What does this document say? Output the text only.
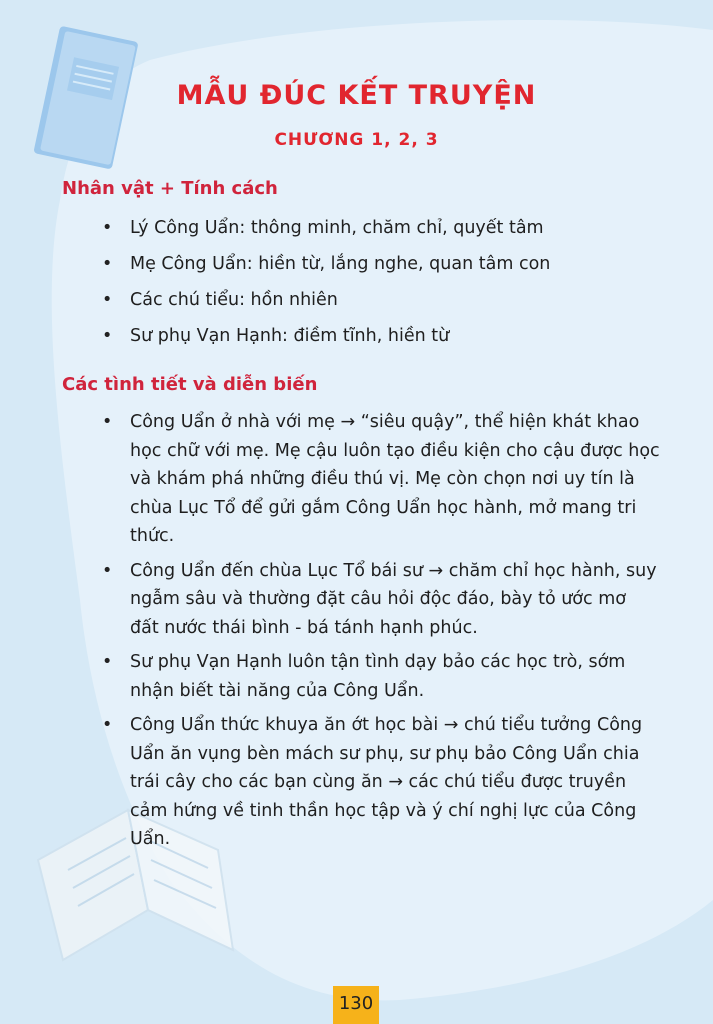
MẪU ĐÚC KẾT TRUYỆN
CHƯƠNG 1, 2, 3
Nhân vật + Tính cách
• Lý Công Uẩn: thông minh, chăm chỉ, quyết tâm
• Mẹ Công Uẩn: hiền từ, lắng nghe, quan tâm con
• Các chú tiểu: hồn nhiên
• Sư phụ Vạn Hạnh: điềm tĩnh, hiền từ
Các tình tiết và diễn biến
• Công Uẩn ở nhà với mẹ → “siêu quậy”, thể hiện khát khao học chữ với mẹ. Mẹ cậu luôn tạo điều kiện cho cậu được học và khám phá những điều thú vị. Mẹ còn chọn nơi uy tín là chùa Lục Tổ để gửi gắm Công Uẩn học hành, mở mang tri thức.
• Công Uẩn đến chùa Lục Tổ bái sư → chăm chỉ học hành, suy ngẫm sâu và thường đặt câu hỏi độc đáo, bày tỏ ước mơ đất nước thái bình - bá tánh hạnh phúc.
• Sư phụ Vạn Hạnh luôn tận tình dạy bảo các học trò, sớm nhận biết tài năng của Công Uẩn.
• Công Uẩn thức khuya ăn ớt học bài → chú tiểu tưởng Công Uẩn ăn vụng bèn mách sư phụ, sư phụ bảo Công Uẩn chia trái cây cho các bạn cùng ăn → các chú tiểu được truyền cảm hứng về tinh thần học tập và ý chí nghị lực của Công Uẩn.
130
